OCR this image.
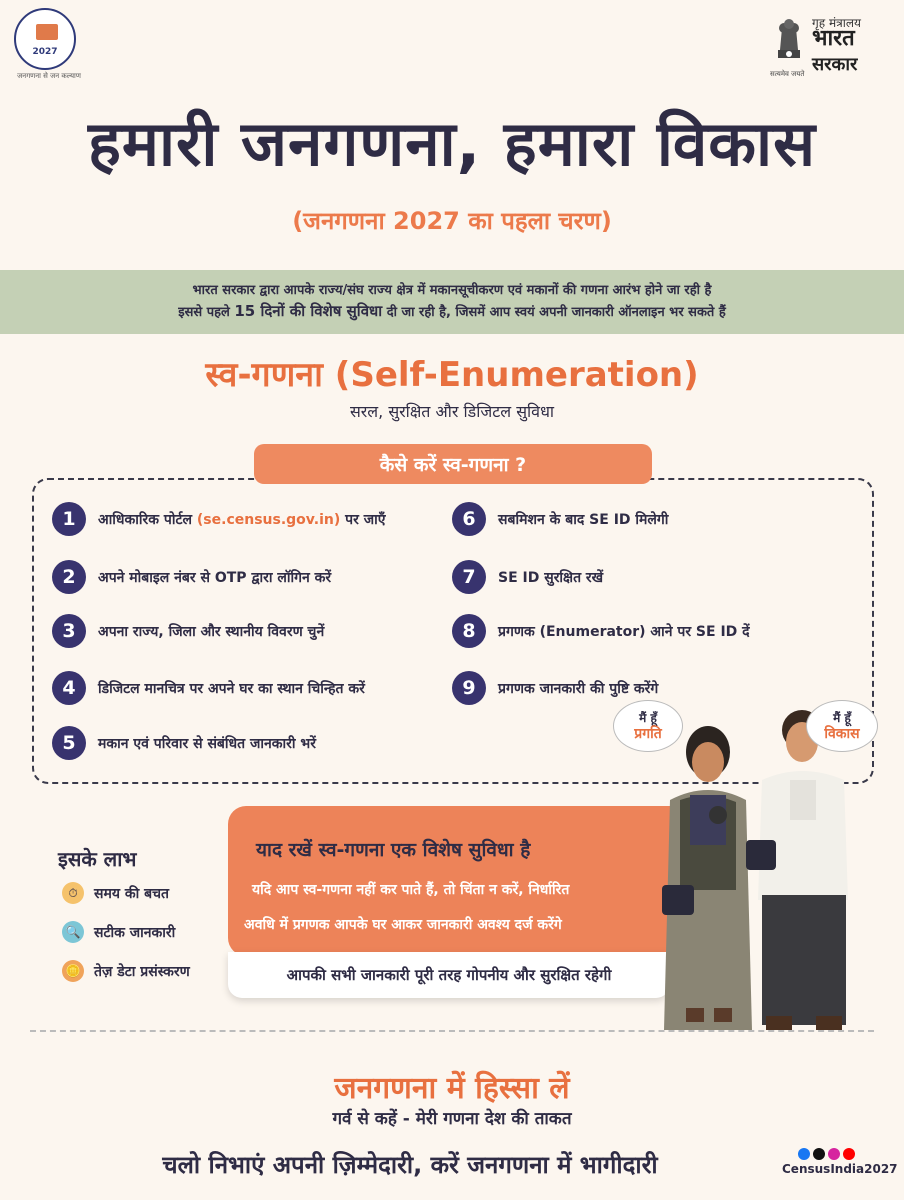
2027
जनगणना से जन कल्याण
गृह मंत्रालय
भारत
सरकार
सत्यमेव जयते
हमारी जनगणना, हमारा विकास
(जनगणना 2027 का पहला चरण)

भारत सरकार द्वारा आपके राज्य/संघ राज्य क्षेत्र में मकानसूचीकरण एवं मकानों की गणना आरंभ होने जा रही है

इससे पहले 15 दिनों की विशेष सुविधा दी जा रही है, जिसमें आप स्वयं अपनी जानकारी ऑनलाइन भर सकते हैं

स्व-गणना (Self-Enumeration)
सरल, सुरक्षित और डिजिटल सुविधा
कैसे करें स्व-गणना ?
1	आधिकारिक पोर्टल (se.census.gov.in) पर जाएँ
2	अपने मोबाइल नंबर से OTP द्वारा लॉगिन करें
3	अपना राज्य, जिला और स्थानीय विवरण चुनें
4	डिजिटल मानचित्र पर अपने घर का स्थान चिन्हित करें
5	मकान एवं परिवार से संबंधित जानकारी भरें
6	सबमिशन के बाद SE ID मिलेगी
7	SE ID सुरक्षित रखें
8	प्रगणक (Enumerator) आने पर SE ID दें
9	प्रगणक जानकारी की पुष्टि करेंगे
याद रखें स्व-गणना एक विशेष सुविधा है
यदि आप स्व-गणना नहीं कर पाते हैं, तो चिंता न करें, निर्धारित
अवधि में प्रगणक आपके घर आकर जानकारी अवश्य दर्ज करेंगे
आपकी सभी जानकारी पूरी तरह गोपनीय और सुरक्षित रहेगी
इसके लाभ
⏱	समय की बचत
🔍 सटीक जानकारी
🪙 तेज़ डेटा प्रसंस्करण
मैं हूँ
प्रगति
मैं हूँ
विकास
जनगणना में हिस्सा लें
गर्व से कहें - मेरी गणना देश की ताकत
चलो निभाएं अपनी ज़िम्मेदारी, करें जनगणना में भागीदारी	CensusIndia2027
